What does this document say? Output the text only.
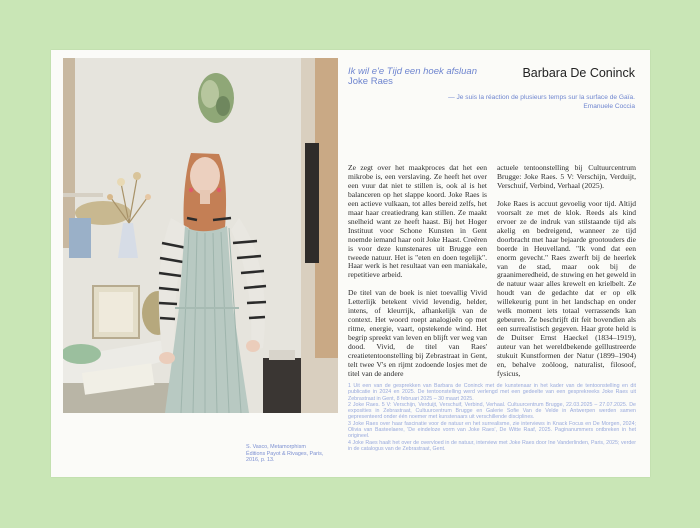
S. Vasco, Metamorphism
Éditions Payot & Rivages, Paris,
2016, p. 13.
Ik wil e'e Tijd een hoek afsluan
Joke Raes
Barbara De Coninck
— Je suis la réaction de plusieurs temps sur la surface de Gaïa.
Emanuele Coccia

Ze zegt over het maakproces dat het een mikrobe is, een verslaving. Ze heeft het over een vuur dat niet te stillen is, ook al is het balanceren op het slappe koord. Joke Raes is een actieve vulkaan, tot alles bereid zelfs, het maar haar creatiedrang kan stillen. Ze maakt snelheid want ze heeft haast. Bij het Hoger Instituut voor Schone Kunsten in Gent noemde iemand haar ooit Joke Haast. Creëren is voor deze kunstenares uit Brugge een tweede natuur. Het is "eten en doen tegelijk". Haar werk is het resultaat van een maniakale, repetitieve arbeid.

De titel van de boek is niet toevallig Vivid Letterlijk betekent vivid levendig, helder, intens, of kleurrijk, afhankelijk van de context. Het woord roept analogieën op met ritme, energie, vaart, opstekende wind. Het begrip spreekt van leven en blijft ver weg van dood. Vivid, de titel van Raes' creatietentoonstelling bij Zebrastraat in Gent, telt twee V's en rijmt zodoende losjes met de titel van de andere

actuele tentoonstelling bij Cultuurcentrum Brugge: Joke Raes. 5 V: Verschijn, Verduijt, Verschuif, Verbind, Verhaal (2025).

Joke Raes is accuut gevoelig voor tijd. Altijd voorsalt ze met de klok. Reeds als kind ervoer ze de indruk van stilstaande tijd als akelig en bedreigend, wanneer ze tijd doorbracht met haar bejaarde grootouders die boerde in Heuvelland. "Ik vond dat een enorm gevecht." Raes zwerft bij de heerlek van de stad, maar ook bij de graanimeredheid, de stuwing en het geweld in de natuur waar alles krewelt en krielbelt. Ze houdt van de gedachte dat er op elk willekeurig punt in het landschap en onder welk moment iets totaal verrassends kan gebeuren. Ze beschrijft dit feit bovendien als een surrealistisch gegeven. Haar grote held is de Duitser Ernst Haeckel (1834–1919), auteur van het wereldbekende geïllustreerde stukuit Kunstformen der Natur (1899–1904) en, behalve zoöloog, naturalist, filosoof, fysicus,

1 Uit een van de gesprekken van Barbara de Coninck met de kunstenaar in het kader van de tentoonstelling en dit publicatie in 2024 en 2025. De tentoonstelling werd verlengd met een gedeelte van een gesprekreeks Joke Raes uit Zebrastraat in Gent, 8 februari 2025 – 30 maart 2025.

2 Joke Raes. 5 V: Verschijn, Verduijt, Verschuif, Verbind, Verhaal. Cultuurcentrum Brugge, 22.03.2025 – 27.07.2025. De exposities in Zebrastraat, Cultuurcentrum Brugge en Galerie Sofie Van de Velde in Antwerpen werden samen gepresenteerd onder één noemer met kunstenaars uit verschillende disciplines.

3 Joke Raes over haar fascinatie voor de natuur en het surrealisme, zie interviews in Knack Focus en De Morgen, 2024; Olivia van Basteelaere, 'De eindeloze vorm van Joke Raes', De Witte Raaf, 2025. Paginanummers ontbreken in het origineel.

4 Joke Raes haalt het over de overvloed in de natuur, interview met Joke Raes door Ine Vanderlinden, Paris, 2025; verder in de catalogus van de Zebrastraat, Gent.
